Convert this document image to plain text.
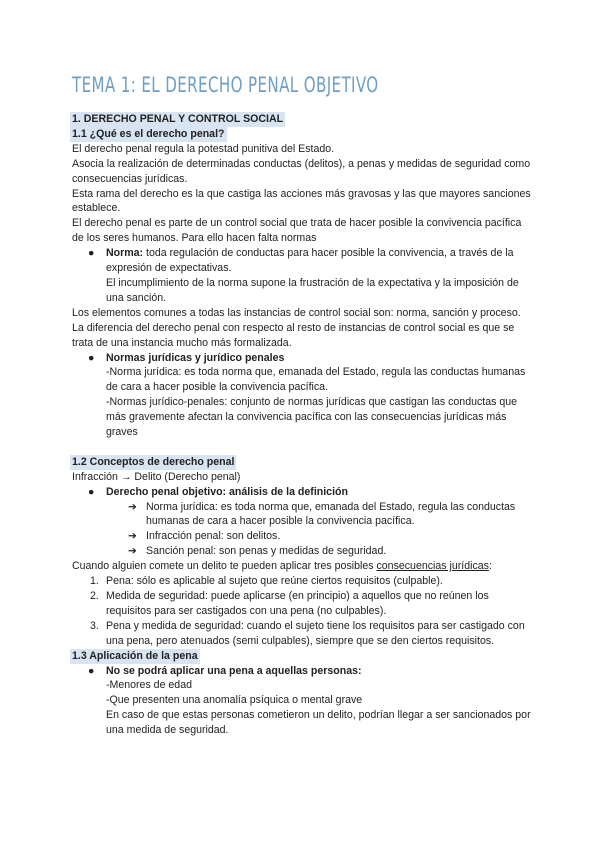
TEMA 1: EL DERECHO PENAL OBJETIVO

1. DERECHO PENAL Y CONTROL SOCIAL

1.1 ¿Qué es el derecho penal?

El derecho penal regula la potestad punitiva del Estado.

Asocia la realización de determinadas conductas (delitos), a penas y medidas de seguridad como consecuencias jurídicas.

Esta rama del derecho es la que castiga las acciones más gravosas y las que mayores sanciones establece.

El derecho penal es parte de un control social que trata de hacer posible la convivencia pacífica de los seres humanos. Para ello hacen falta normas

● Norma: toda regulación de conductas para hacer posible la convivencia, a través de la expresión de expectativas.

El incumplimiento de la norma supone la frustración de la expectativa y la imposición de una sanción.

Los elementos comunes a todas las instancias de control social son: norma, sanción y proceso.

La diferencia del derecho penal con respecto al resto de instancias de control social es que se trata de una instancia mucho más formalizada.

● Normas jurídicas y jurídico penales

-Norma jurídica: es toda norma que, emanada del Estado, regula las conductas humanas de cara a hacer posible la convivencia pacífica.

-Normas jurídico-penales: conjunto de normas jurídicas que castigan las conductas que más gravemente afectan la convivencia pacífica con las consecuencias jurídicas más graves

1.2 Conceptos de derecho penal

Infracción → Delito (Derecho penal)

● Derecho penal objetivo: análisis de la definición
➔ Norma jurídica: es toda norma que, emanada del Estado, regula las conductas humanas de cara a hacer posible la convivencia pacífica.
➔ Infracción penal: son delitos.
➔ Sanción penal: son penas y medidas de seguridad.

Cuando alguien comete un delito te pueden aplicar tres posibles consecuencias jurídicas:

1. Pena: sólo es aplicable al sujeto que reúne ciertos requisitos (culpable).
2. Medida de seguridad: puede aplicarse (en principio) a aquellos que no reúnen los requisitos para ser castigados con una pena (no culpables).
3. Pena y medida de seguridad: cuando el sujeto tiene los requisitos para ser castigado con una pena, pero atenuados (semi culpables), siempre que se den ciertos requisitos.

1.3 Aplicación de la pena

● No se podrá aplicar una pena a aquellas personas:

-Menores de edad

-Que presenten una anomalía psíquica o mental grave

En caso de que estas personas cometieron un delito, podrían llegar a ser sancionados por una medida de seguridad.
